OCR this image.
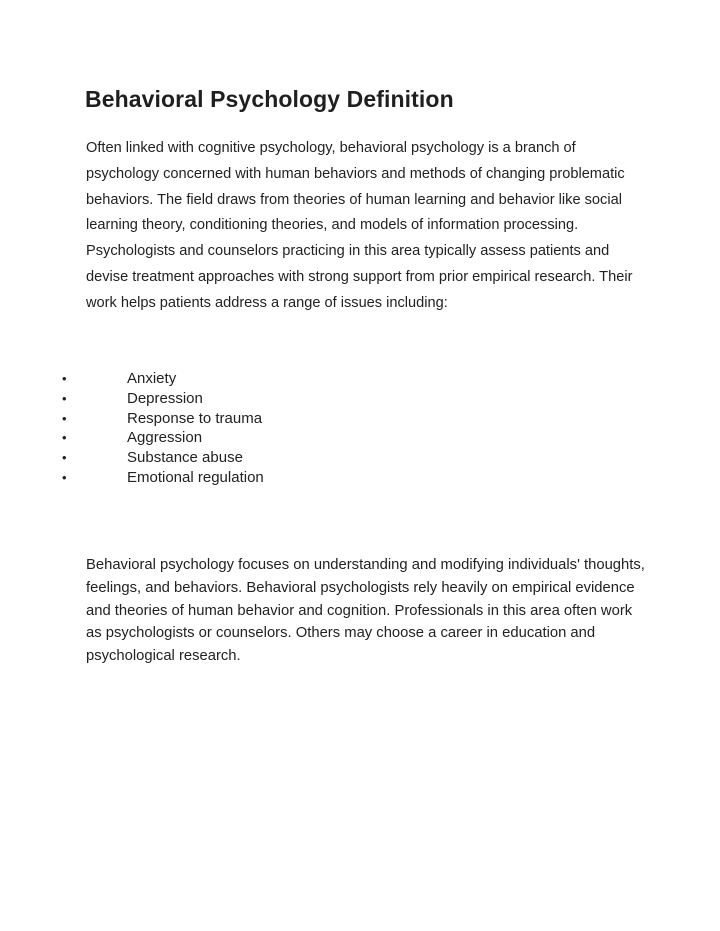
Behavioral Psychology Definition

Often linked with cognitive psychology, behavioral psychology is a branch of psychology concerned with human behaviors and methods of changing problematic behaviors. The field draws from theories of human learning and behavior like social learning theory, conditioning theories, and models of information processing. Psychologists and counselors practicing in this area typically assess patients and devise treatment approaches with strong support from prior empirical research. Their work helps patients address a range of issues including:

•	Anxiety
•	Depression
•	Response to trauma
•	Aggression
•	Substance abuse
•	Emotional regulation

Behavioral psychology focuses on understanding and modifying individuals' thoughts, feelings, and behaviors. Behavioral psychologists rely heavily on empirical evidence and theories of human behavior and cognition. Professionals in this area often work as psychologists or counselors. Others may choose a career in education and psychological research.
